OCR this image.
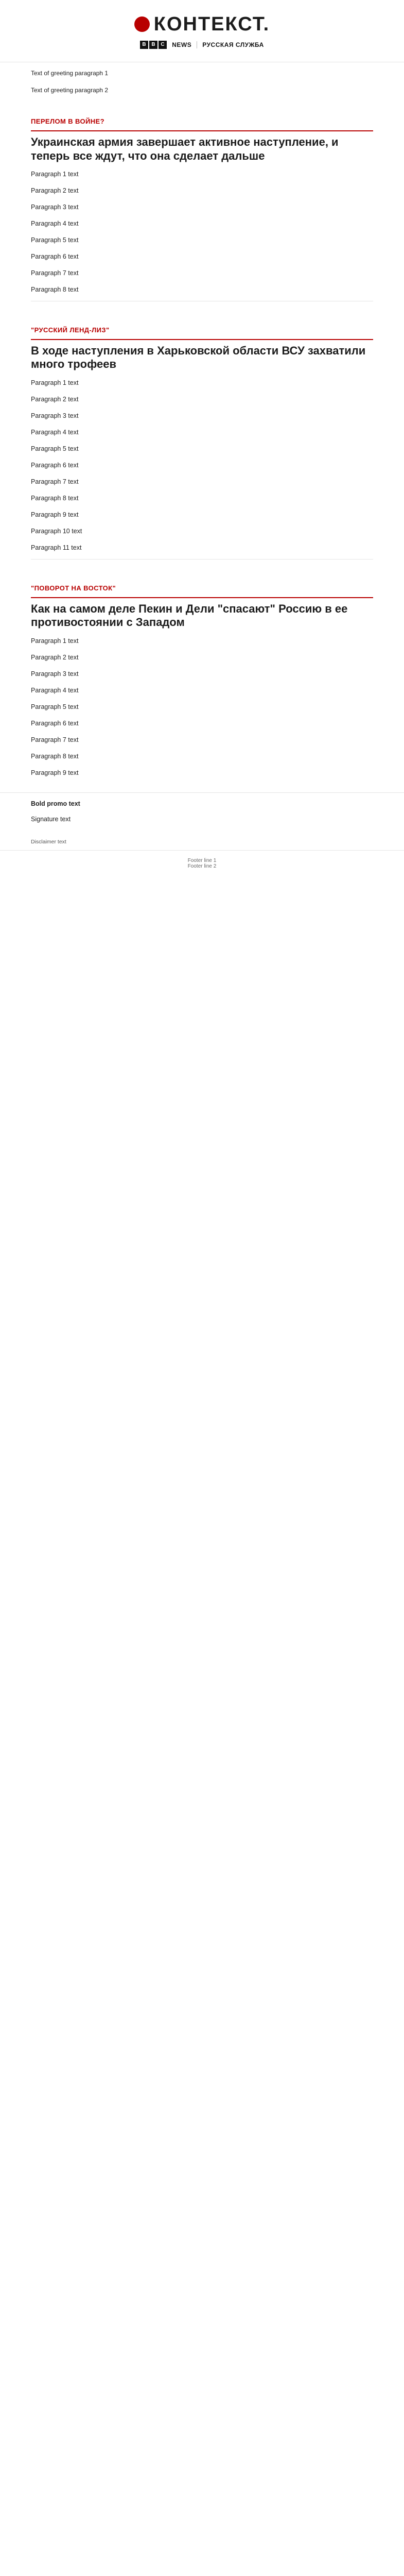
КОНТЕКСТ.
B	B	C	NEWS РУССКАЯ СЛУЖБА

Text of greeting paragraph 1

Text of greeting paragraph 2

ПЕРЕЛОМ В ВОЙНЕ?
Украинская армия завершает активное наступление, и теперь все ждут, что она сделает дальше

Paragraph 1 text

Paragraph 2 text

Paragraph 3 text

Paragraph 4 text

Paragraph 5 text

Paragraph 6 text

Paragraph 7 text

Paragraph 8 text

"РУССКИЙ ЛЕНД-ЛИЗ"
В ходе наступления в Харьковской области ВСУ захватили много трофеев

Paragraph 1 text

Paragraph 2 text

Paragraph 3 text

Paragraph 4 text

Paragraph 5 text

Paragraph 6 text

Paragraph 7 text

Paragraph 8 text

Paragraph 9 text

Paragraph 10 text

Paragraph 11 text

"ПОВОРОТ НА ВОСТОК"
Как на самом деле Пекин и Дели "спасают" Россию в ее противостоянии с Западом

Paragraph 1 text

Paragraph 2 text

Paragraph 3 text

Paragraph 4 text

Paragraph 5 text

Paragraph 6 text

Paragraph 7 text

Paragraph 8 text

Paragraph 9 text

Bold promo text

Signature text

Disclaimer text
Footer line 1
Footer line 2
